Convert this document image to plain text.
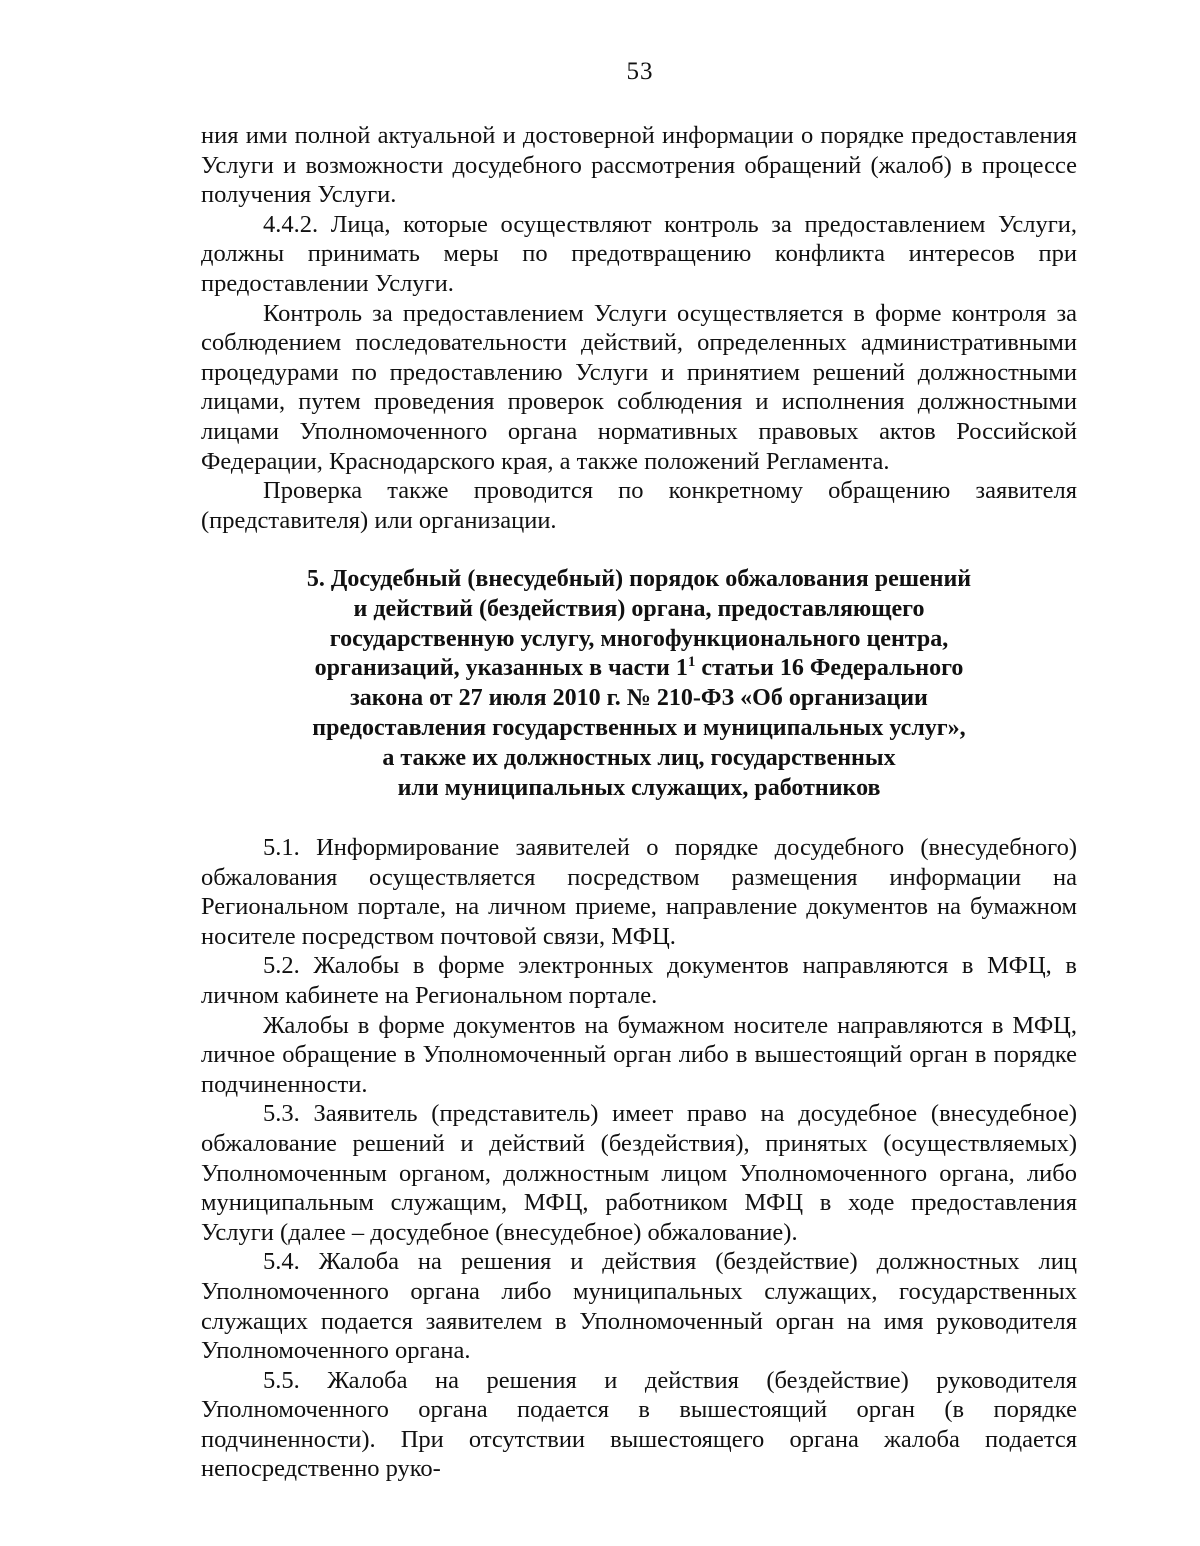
53

ния ими полной актуальной и достоверной информации о порядке предоставления Услуги и возможности досудебного рассмотрения обращений (жалоб) в процессе получения Услуги.

4.4.2. Лица, которые осуществляют контроль за предоставлением Услуги, должны принимать меры по предотвращению конфликта интересов при предоставлении Услуги.

Контроль за предоставлением Услуги осуществляется в форме контроля за соблюдением последовательности действий, определенных административными процедурами по предоставлению Услуги и принятием решений должностными лицами, путем проведения проверок соблюдения и исполнения должностными лицами Уполномоченного органа нормативных правовых актов Российской Федерации, Краснодарского края, а также положений Регламента.

Проверка также проводится по конкретному обращению заявителя (представителя) или организации.

5. Досудебный (внесудебный) порядок обжалования решений
и действий (бездействия) органа, предоставляющего
государственную услугу, многофункционального центра,
организаций, указанных в части $1^1$ статьи 16 Федерального
закона от 27 июля 2010 г. № 210-ФЗ «Об организации
предоставления государственных и муниципальных услуг»,
а также их должностных лиц, государственных
или муниципальных служащих, работников

5.1. Информирование заявителей о порядке досудебного (внесудебного) обжалования осуществляется посредством размещения информации на Региональном портале, на личном приеме, направление документов на бумажном носителе посредством почтовой связи, МФЦ.

5.2. Жалобы в форме электронных документов направляются в МФЦ, в личном кабинете на Региональном портале.

Жалобы в форме документов на бумажном носителе направляются в МФЦ, личное обращение в Уполномоченный орган либо в вышестоящий орган в порядке подчиненности.

5.3. Заявитель (представитель) имеет право на досудебное (внесудебное) обжалование решений и действий (бездействия), принятых (осуществляемых) Уполномоченным органом, должностным лицом Уполномоченного органа, либо муниципальным служащим, МФЦ, работником МФЦ в ходе предоставления Услуги (далее – досудебное (внесудебное) обжалование).

5.4. Жалоба на решения и действия (бездействие) должностных лиц Уполномоченного органа либо муниципальных служащих, государственных служащих подается заявителем в Уполномоченный орган на имя руководителя Уполномоченного органа.

5.5. Жалоба на решения и действия (бездействие) руководителя Уполномоченного органа подается в вышестоящий орган (в порядке подчиненности). При отсутствии вышестоящего органа жалоба подается непосредственно руко-
